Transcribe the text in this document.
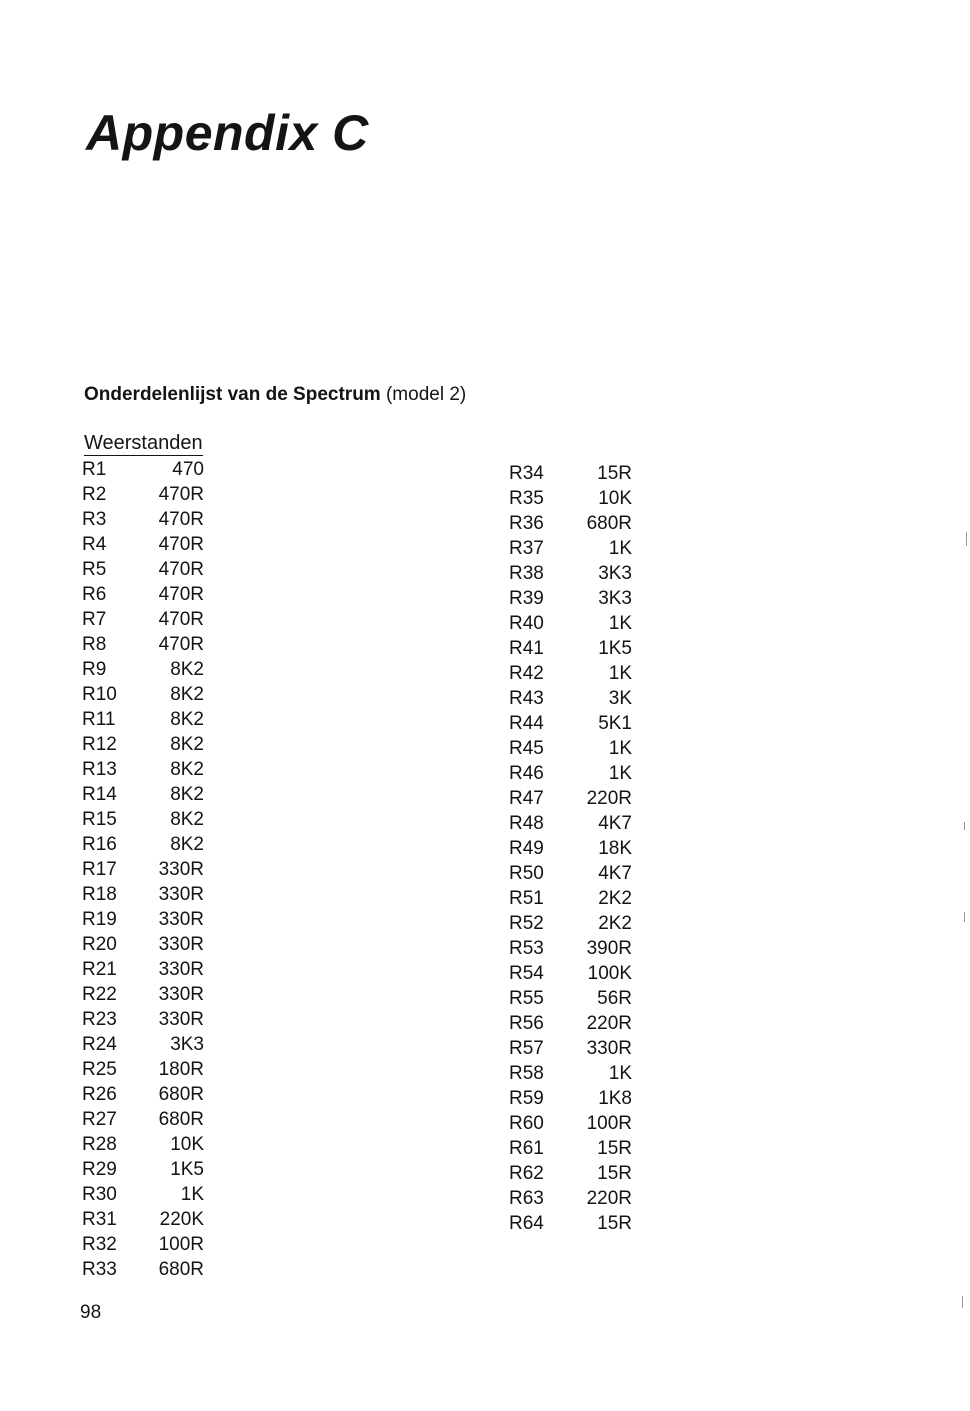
Appendix C
Onderdelenlijst van de Spectrum (model 2)
Weerstanden
R1	470
R2	470R
R3	470R
R4	470R
R5	470R
R6	470R
R7	470R
R8	470R
R9	8K2
R10	8K2
R11	8K2
R12	8K2
R13	8K2
R14	8K2
R15	8K2
R16	8K2
R17 330R
R18 330R
R19 330R
R20 330R
R21 330R
R22 330R
R23 330R
R24	3K3
R25 180R
R26 680R
R27 680R
R28	10K
R29	1K5
R30	1K
R31 220K
R32 100R
R33 680R
R34	15R
R35	10K
R36 680R
R37	1K
R38	3K3
R39	3K3
R40	1K
R41	1K5
R42	1K
R43	3K
R44	5K1
R45	1K
R46	1K
R47 220R
R48	4K7
R49	18K
R50	4K7
R51	2K2
R52	2K2
R53 390R
R54 100K
R55	56R
R56 220R
R57 330R
R58	1K
R59	1K8
R60 100R
R61	15R
R62	15R
R63 220R
R64	15R
98
